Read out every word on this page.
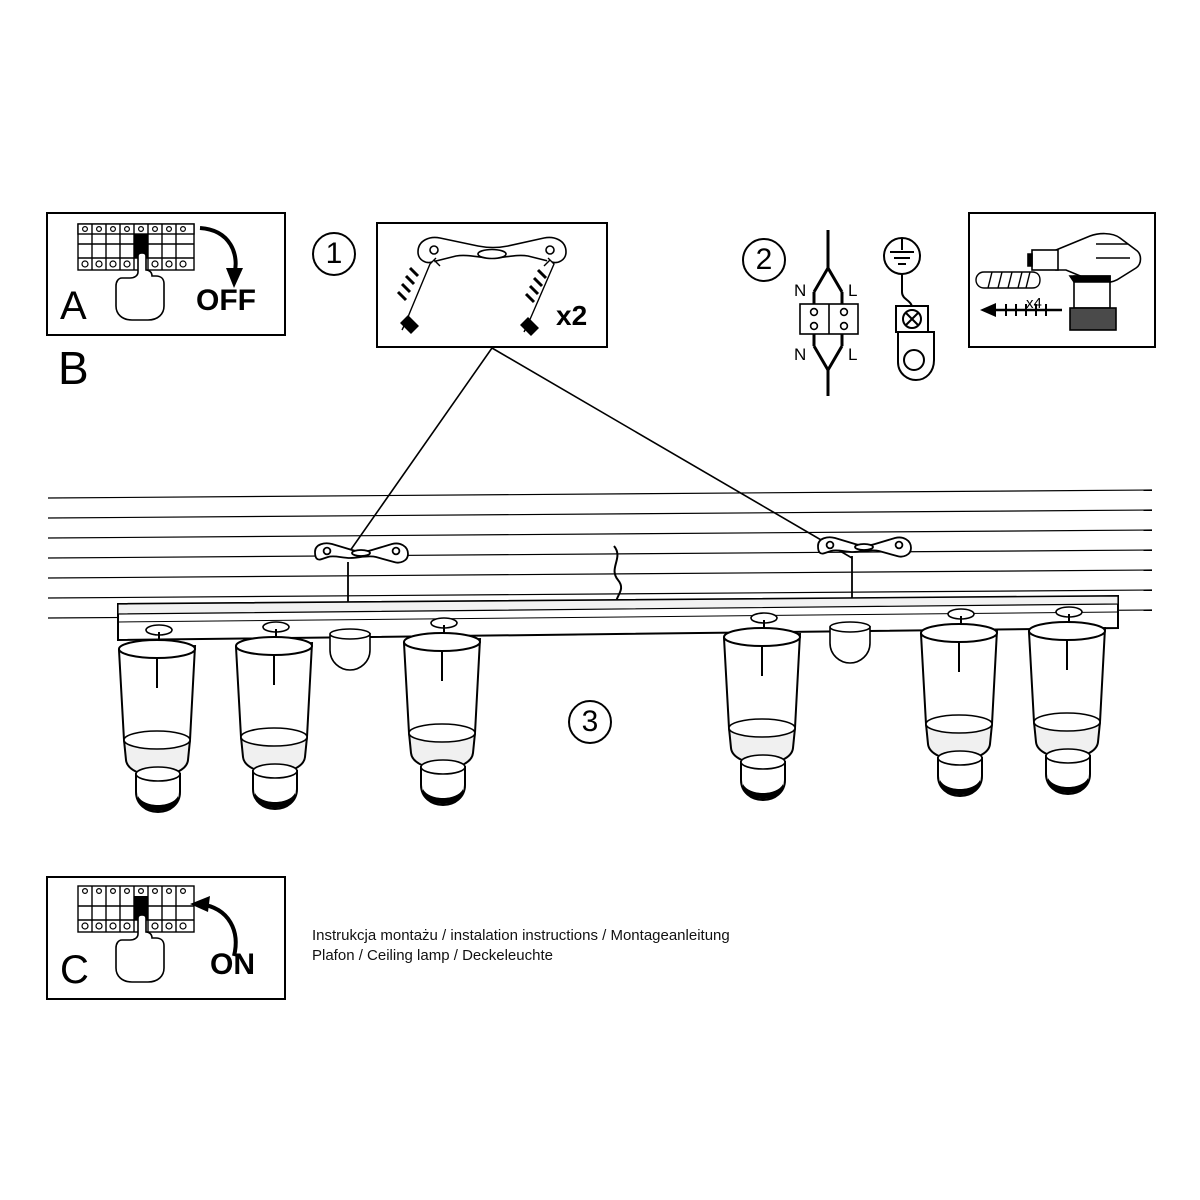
A	OFF
B
1
x2
2
N L
N L
x4
3
C	ON
Instrukcja montażu / instalation instructions / Montageanleitung
Plafon / Ceiling lamp / Deckeleuchte
